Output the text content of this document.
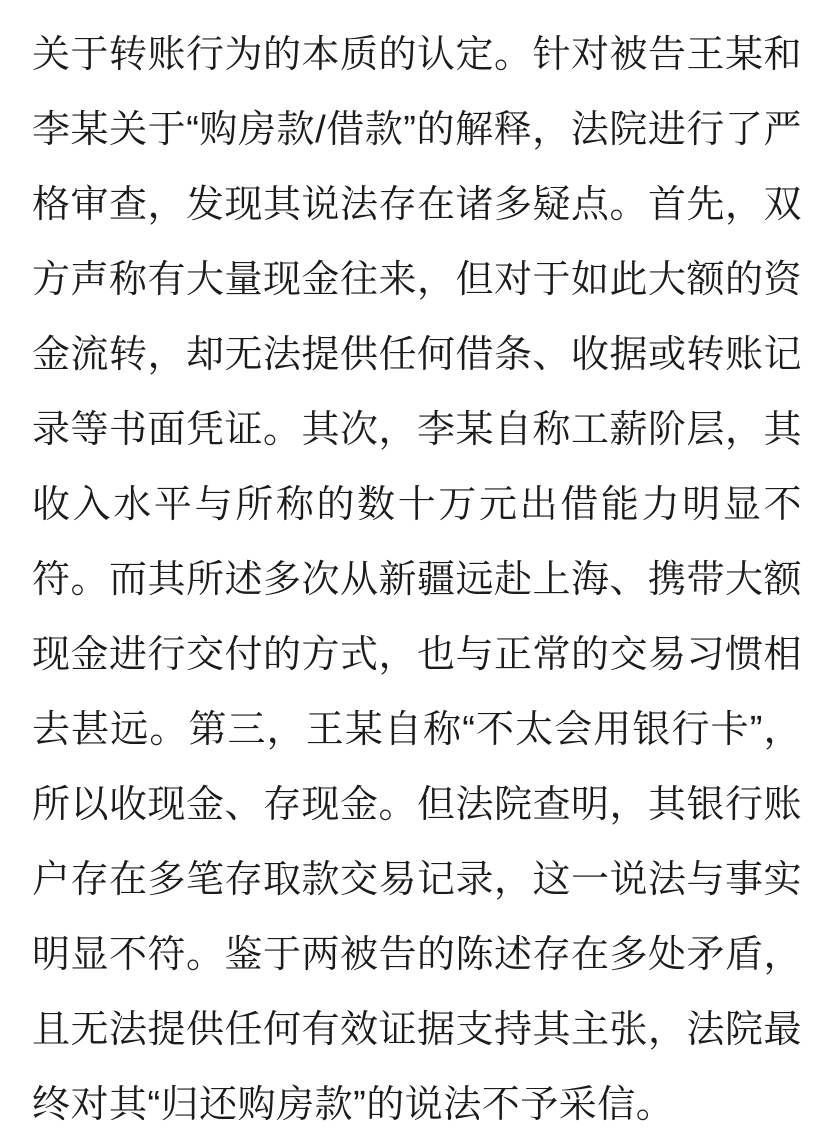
关于转账行为的本质的认定。针对被告王某和李某关于“购房款/借款”的解释，法院进行了严格审查，发现其说法存在诸多疑点。首先，双方声称有大量现金往来，但对于如此大额的资金流转，却无法提供任何借条、收据或转账记录等书面凭证。其次，李某自称工薪阶层，其收入水平与所称的数十万元出借能力明显不符。而其所述多次从新疆远赴上海、携带大额现金进行交付的方式，也与正常的交易习惯相去甚远。第三，王某自称“不太会用银行卡”，所以收现金、存现金。但法院查明，其银行账户存在多笔存取款交易记录，这一说法与事实明显不符。鉴于两被告的陈述存在多处矛盾，且无法提供任何有效证据支持其主张，法院最终对其“归还购房款”的说法不予采信。
